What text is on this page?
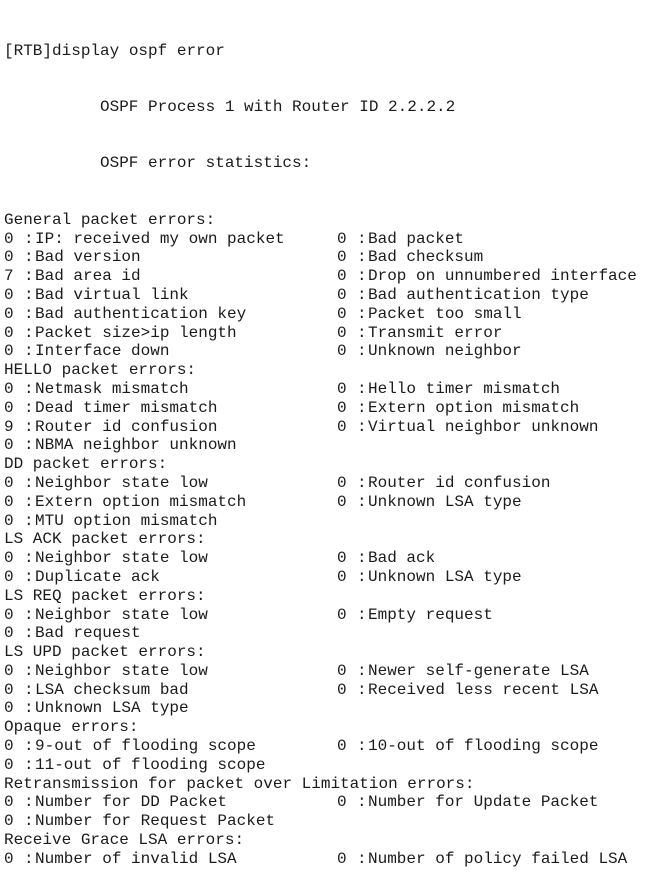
[RTB] display ospf error

OSPF Process 1 with Router ID 2.2.2.2

OSPF error statistics:

General packet errors:
0 : IP: received my own packet	0 : Bad packet
0 : Bad version	0 : Bad checksum
7 : Bad area id	0 : Drop on unnumbered interface
0 : Bad virtual link	0 : Bad authentication type
0 : Bad authentication key	0 : Packet too small
0 : Packet size>ip length	0 : Transmit error
0 : Interface down	0 : Unknown neighbor
HELLO packet errors:
0 : Netmask mismatch	0 : Hello timer mismatch
0 : Dead timer mismatch	0 : Extern option mismatch
9 : Router id confusion	0 : Virtual neighbor unknown
0 : NBMA neighbor unknown
DD packet errors:
0 : Neighbor state low	0 : Router id confusion
0 : Extern option mismatch	0 : Unknown LSA type
0 : MTU option mismatch
LS ACK packet errors:
0 : Neighbor state low	0 : Bad ack
0 : Duplicate ack	0 : Unknown LSA type
LS REQ packet errors:
0 : Neighbor state low	0 : Empty request
0 : Bad request
LS UPD packet errors:
0 : Neighbor state low	0 : Newer self-generate LSA
0 : LSA checksum bad	0 : Received less recent LSA
0 : Unknown LSA type
Opaque errors:
0 : 9-out of flooding scope	0 : 10-out of flooding scope
0 : 11-out of flooding scope
Retransmission for packet over Limitation errors:
0 : Number for DD Packet	0 : Number for Update Packet
0 : Number for Request Packet
Receive Grace LSA errors:
0 : Number of invalid LSA	0 : Number of policy failed LSA
